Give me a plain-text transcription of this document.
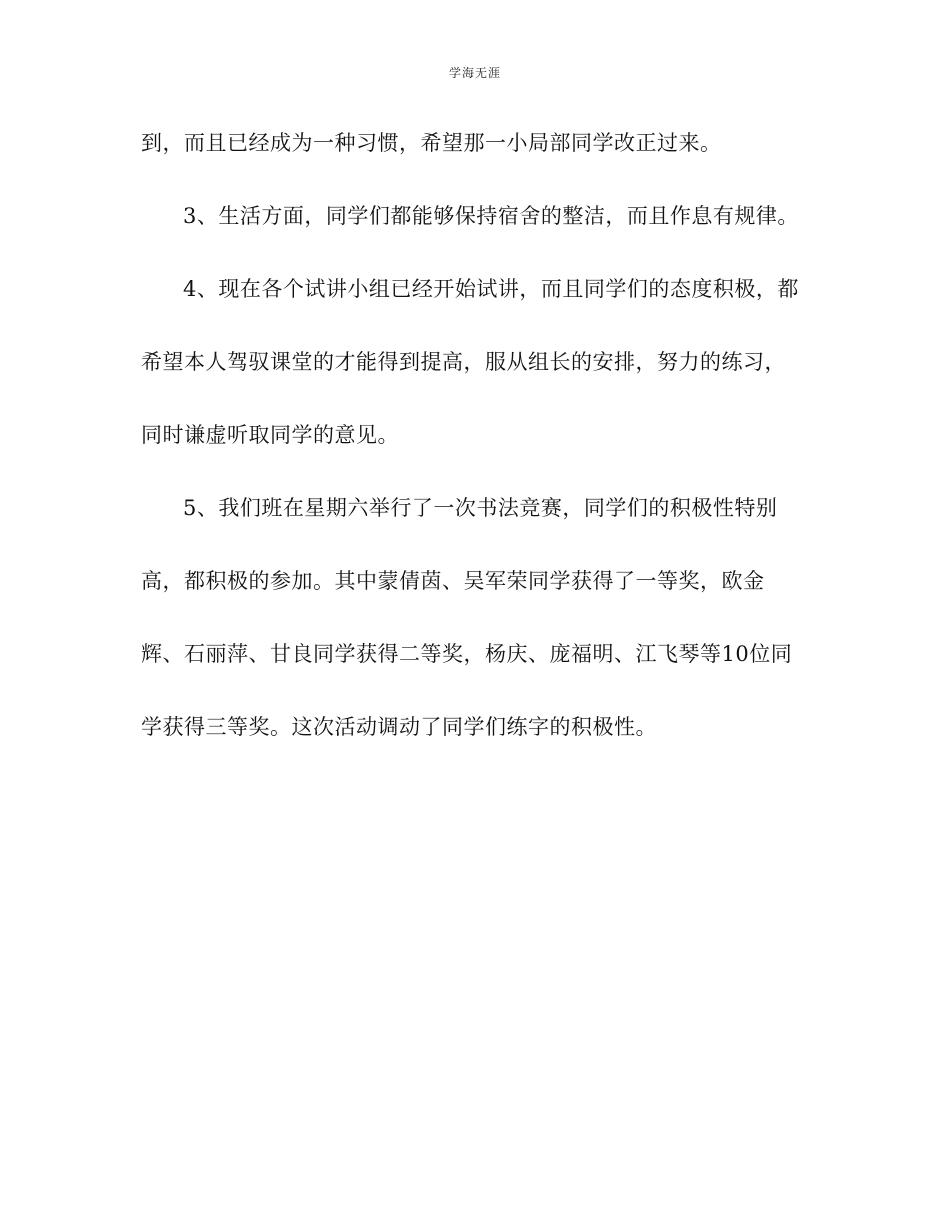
学海无涯
到，而且已经成为一种习惯，希望那一小局部同学改正过来。
3、生活方面，同学们都能够保持宿舍的整洁，而且作息有规律。
4、现在各个试讲小组已经开始试讲，而且同学们的态度积极，都
希望本人驾驭课堂的才能得到提高，服从组长的安排，努力的练习，
同时谦虚听取同学的意见。
5、我们班在星期六举行了一次书法竞赛，同学们的积极性特别
高，都积极的参加。其中蒙倩茵、吴军荣同学获得了一等奖，欧金
辉、石丽萍、甘良同学获得二等奖，杨庆、庞福明、江飞琴等10位同
学获得三等奖。这次活动调动了同学们练字的积极性。
